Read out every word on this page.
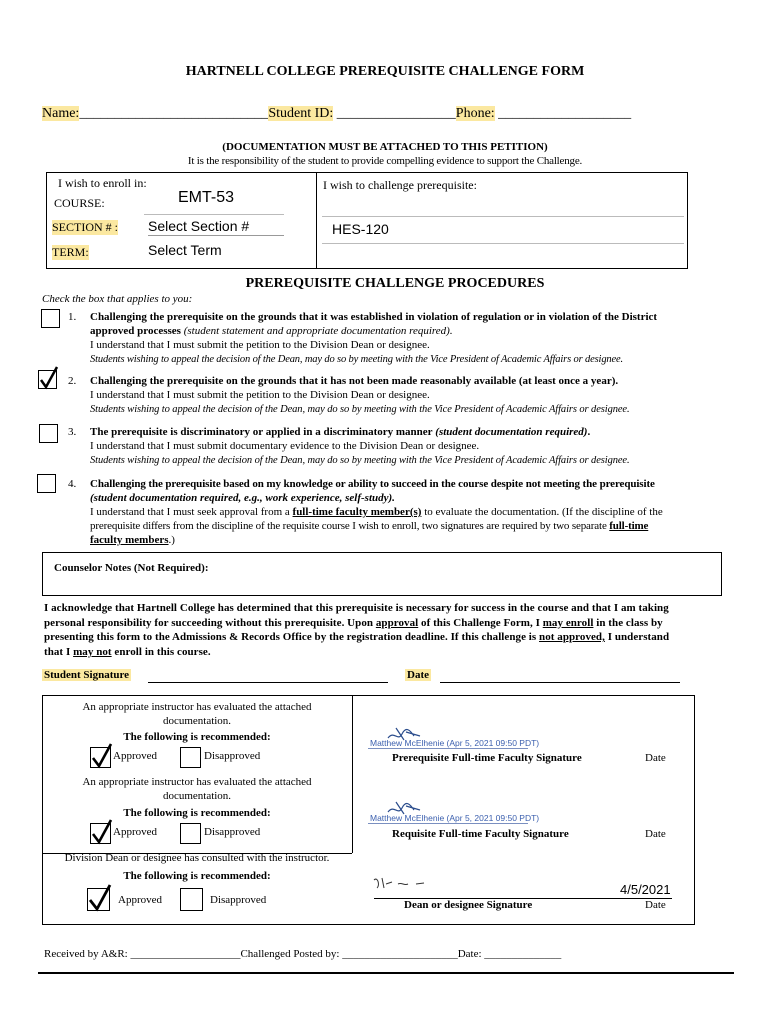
HARTNELL COLLEGE PREREQUISITE CHALLENGE FORM
Name:___________________________Student ID: _________________Phone: ___________________
(DOCUMENTATION MUST BE ATTACHED TO THIS PETITION)
It is the responsibility of the student to provide compelling evidence to support the Challenge.
I wish to enroll in:
COURSE:	EMT-53
SECTION # : Select Section #
TERM:	Select Term
I wish to challenge prerequisite:
HES-120
PREREQUISITE CHALLENGE PROCEDURES
Check the box that applies to you:
1. Challenging the prerequisite on the grounds that it was established in violation of regulation or in violation of the District
approved processes (student statement and appropriate documentation required).
I understand that I must submit the petition to the Division Dean or designee.
Students wishing to appeal the decision of the Dean, may do so by meeting with the Vice President of Academic Affairs or designee.
2. Challenging the prerequisite on the grounds that it has not been made reasonably available (at least once a year).
I understand that I must submit the petition to the Division Dean or designee.
Students wishing to appeal the decision of the Dean, may do so by meeting with the Vice President of Academic Affairs or designee.
3. The prerequisite is discriminatory or applied in a discriminatory manner (student documentation required).
I understand that I must submit documentary evidence to the Division Dean or designee.
Students wishing to appeal the decision of the Dean, may do so by meeting with the Vice President of Academic Affairs or designee.
4. Challenging the prerequisite based on my knowledge or ability to succeed in the course despite not meeting the prerequisite
(student documentation required, e.g., work experience, self-study).
I understand that I must seek approval from a full-time faculty member(s) to evaluate the documentation. (If the discipline of the
prerequisite differs from the discipline of the requisite course I wish to enroll, two signatures are required by two separate full-time
faculty members.)
Counselor Notes (Not Required):
I acknowledge that Hartnell College has determined that this prerequisite is necessary for success in the course and that I am taking
personal responsibility for succeeding without this prerequisite. Upon approval of this Challenge Form, I may enroll in the class by
presenting this form to the Admissions & Records Office by the registration deadline. If this challenge is not approved, I understand
that I may not enroll in this course.
Student Signature	Date
An appropriate instructor has evaluated the attached
documentation.
The following is recommended:
Approved	Disapproved
Matthew McElhenie (Apr 5, 2021 09:50 PDT)
Prerequisite Full-time Faculty Signature	Date
An appropriate instructor has evaluated the attached
documentation.
The following is recommended:
Approved	Disapproved
Matthew McElhenie (Apr 5, 2021 09:50 PDT)
Requisite Full-time Faculty Signature	Date
Division Dean or designee has consulted with the instructor.
The following is recommended:
Approved	Disapproved
4/5/2021
Dean or designee Signature	Date
Received by A&R: ____________________Challenged Posted by: _____________________Date: ______________
